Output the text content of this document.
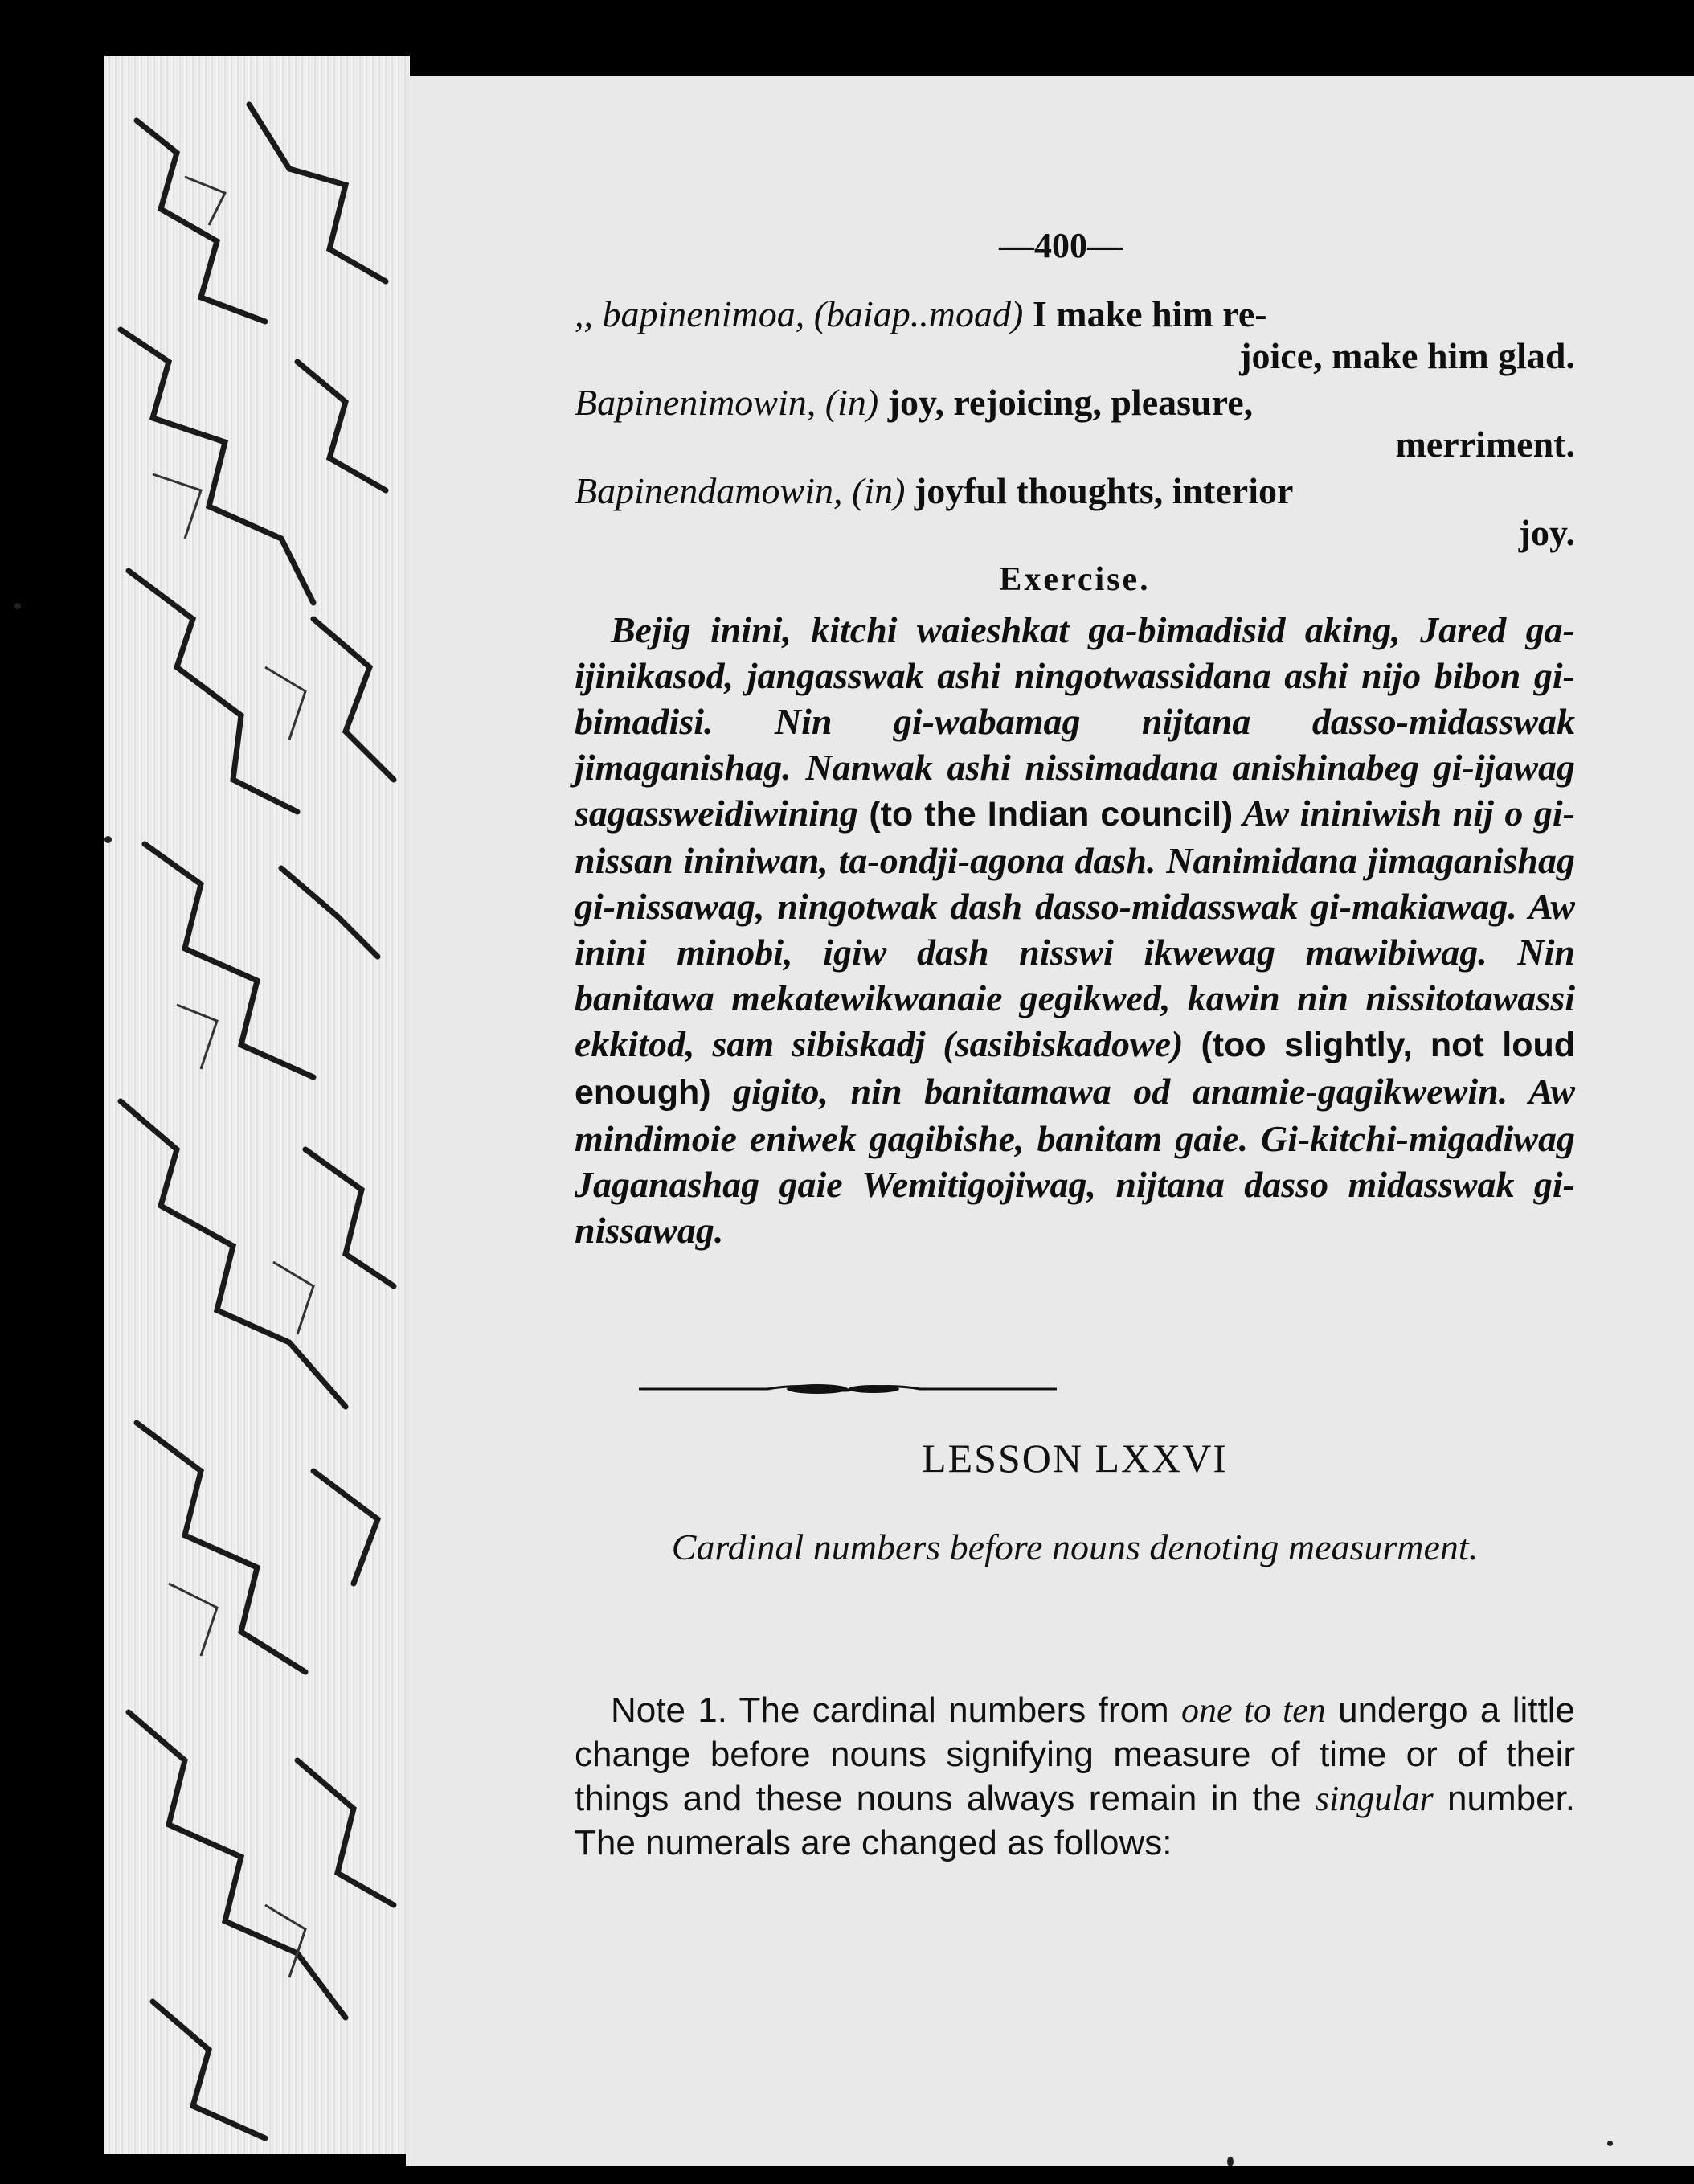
—400—

,, bapinenimoa, (baiap..moad) I make him re-
joice, make him glad.

Bapinenimowin, (in) joy, rejoicing, pleasure,
merriment.

Bapinendamowin, (in) joyful thoughts, interior
joy.

Exercise.

Bejig inini, kitchi waieshkat ga-bimadisid aking, Jared ga-ijinikasod, jangasswak ashi ningotwassidana ashi nijo bibon gi-bimadisi. Nin gi-wabamag nijtana dasso-midasswak jimaganishag. Nanwak ashi nissimadana anishinabeg gi-ijawag sagassweidiwining (to the Indian council) Aw ininiwish nij o gi-nissan ininiwan, ta-ondji-agona dash. Nanimidana jimaganishag gi-nissawag, ningotwak dash dasso-midasswak gi-makiawag. Aw inini minobi, igiw dash nisswi ikwewag mawibiwag. Nin banitawa mekatewikwanaie gegikwed, kawin nin nissitotawassi ekkitod, sam sibiskadj (sasibiskadowe) (too slightly, not loud enough) gigito, nin banitamawa od anamie-gagikwewin. Aw mindimoie eniwek gagibishe, banitam gaie. Gi-kitchi-migadiwag Jaganashag gaie Wemitigojiwag, nijtana dasso midasswak gi-nissawag.

LESSON LXXVI
Cardinal numbers before nouns denoting measurment.

Note 1. The cardinal numbers from one to ten undergo a little change before nouns signifying measure of time or of their things and these nouns always remain in the singular number. The numerals are changed as follows:
